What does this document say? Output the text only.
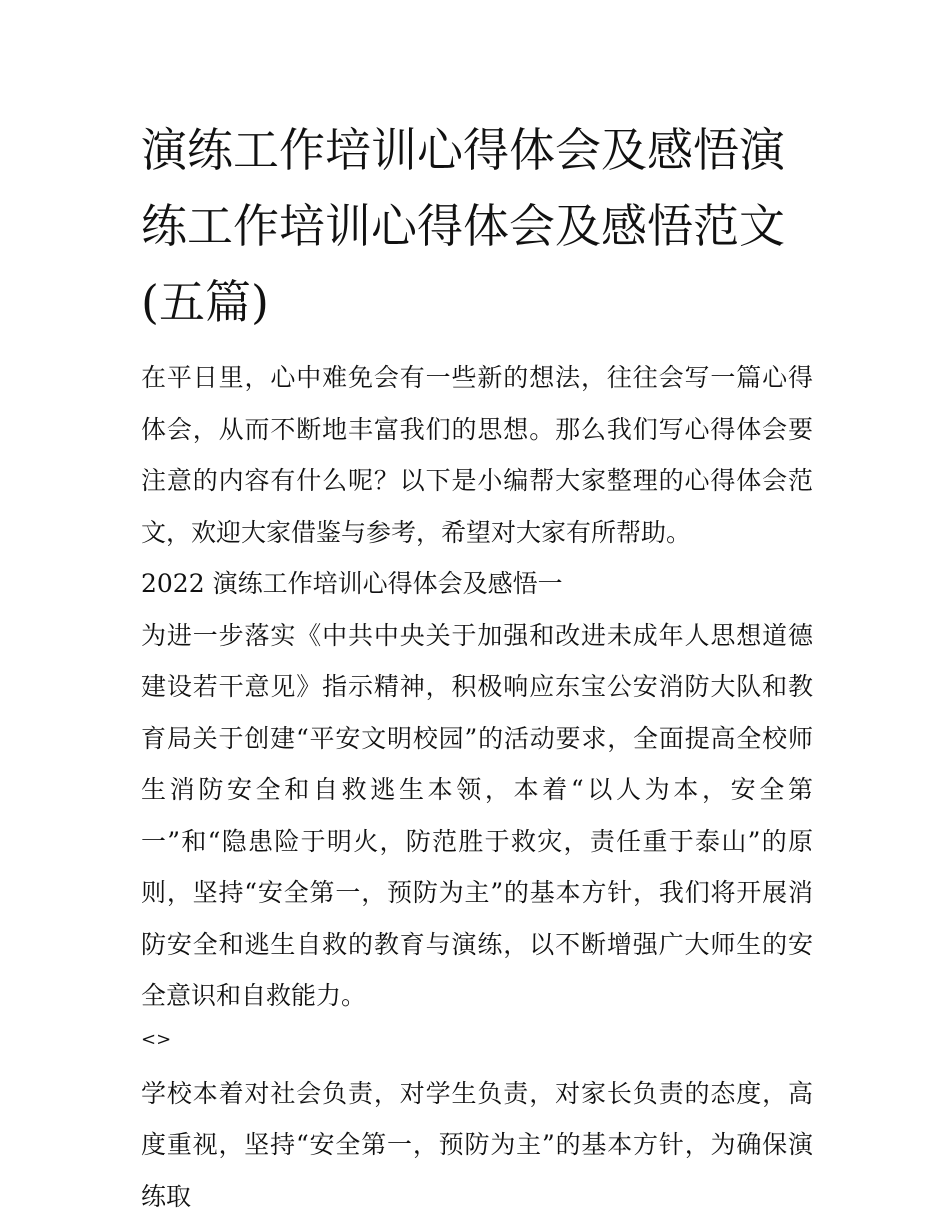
演练工作培训心得体会及感悟演练工作培训心得体会及感悟范文(五篇)

在平日里，心中难免会有一些新的想法，往往会写一篇心得体会，从而不断地丰富我们的思想。那么我们写心得体会要注意的内容有什么呢？以下是小编帮大家整理的心得体会范文，欢迎大家借鉴与参考，希望对大家有所帮助。

2022 演练工作培训心得体会及感悟一

为进一步落实《中共中央关于加强和改进未成年人思想道德建设若干意见》指示精神，积极响应东宝公安消防大队和教育局关于创建“平安文明校园”的活动要求，全面提高全校师生消防安全和自救逃生本领，本着“以人为本，安全第一”和“隐患险于明火，防范胜于救灾，责任重于泰山”的原则，坚持“安全第一，预防为主”的基本方针，我们将开展消防安全和逃生自救的教育与演练，以不断增强广大师生的安全意识和自救能力。

<>

学校本着对社会负责，对学生负责，对家长负责的态度，高度重视，坚持“安全第一，预防为主”的基本方针，为确保演练取
